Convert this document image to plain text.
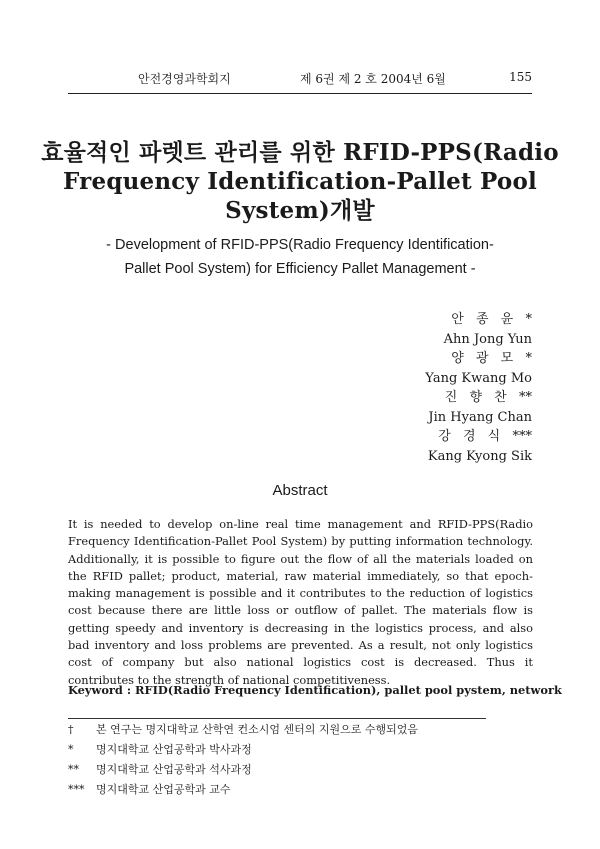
안전경영과학회지	제 6권 제 2 호 2004년 6월	155
효율적인 파렛트 관리를 위한 RFID-PPS(Radio
Frequency Identification-Pallet Pool
System)개발
- Development of RFID-PPS(Radio Frequency Identification-
Pallet Pool System) for Efficiency Pallet Management -
안 종 윤 *
Ahn Jong Yun
양 광 모 *
Yang Kwang Mo
진 향 찬 **
Jin Hyang Chan
강 경 식 ***
Kang Kyong Sik
Abstract
It is needed to develop on-line real time management and RFID-PPS(Radio Frequency Identification-Pallet Pool System) by putting information technology. Additionally, it is possible to figure out the flow of all the materials loaded on the RFID pallet; product, material, raw material immediately, so that epoch-making management is possible and it contributes to the reduction of logistics cost because there are little loss or outflow of pallet. The materials flow is getting speedy and inventory is decreasing in the logistics process, and also bad inventory and loss problems are prevented. As a result, not only logistics cost of company but also national logistics cost is decreased. Thus it contributes to the strength of national competitiveness.
Keyword : RFID(Radio Frequency Identification), pallet pool pystem, network
†	본 연구는 명지대학교 산학연 컨소시엄 센터의 지원으로 수행되었음
*	명지대학교 산업공학과 박사과정
**	명지대학교 산업공학과 석사과정
***	명지대학교 산업공학과 교수
